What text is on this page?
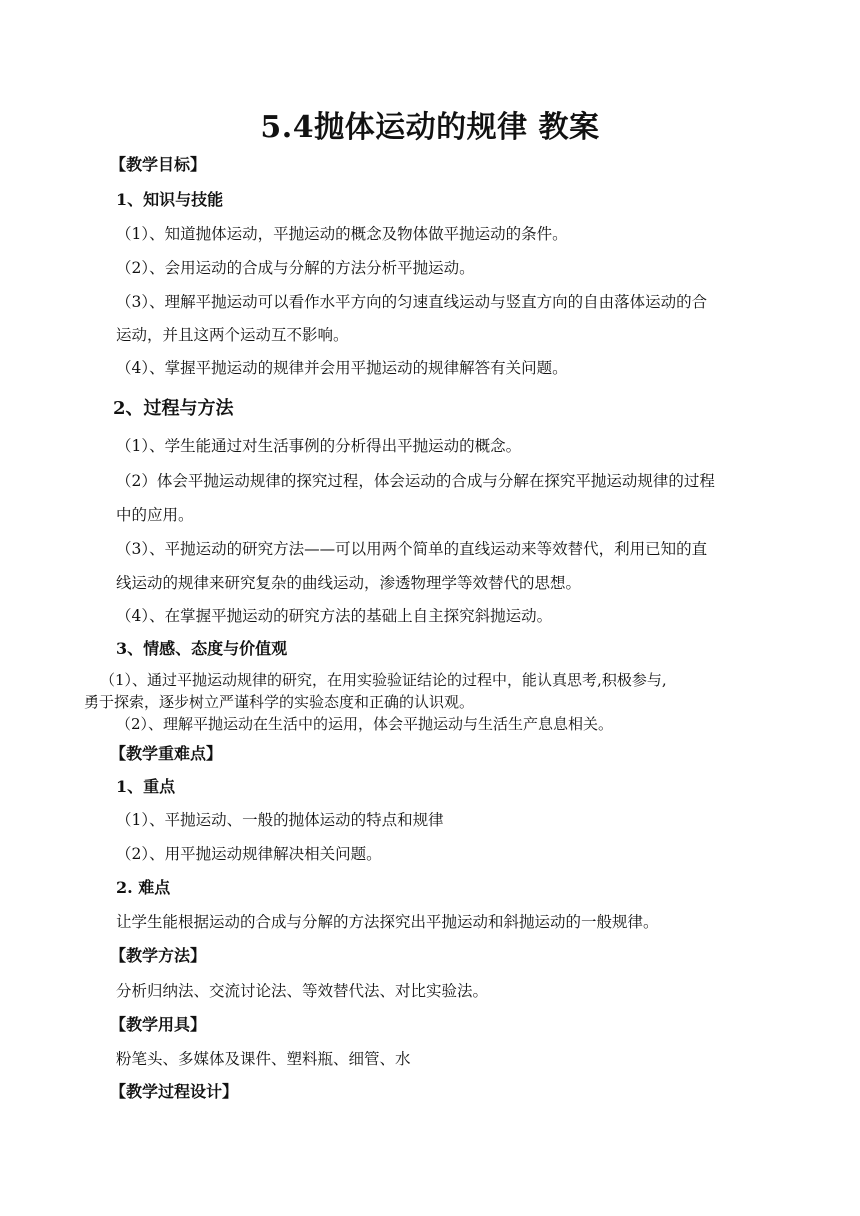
5.4抛体运动的规律 教案

【教学目标】

1、知识与技能

（1）、知道抛体运动，平抛运动的概念及物体做平抛运动的条件。

（2）、会用运动的合成与分解的方法分析平抛运动。

（3）、理解平抛运动可以看作水平方向的匀速直线运动与竖直方向的自由落体运动的合

运动，并且这两个运动互不影响。

（4）、掌握平抛运动的规律并会用平抛运动的规律解答有关问题。

2、过程与方法

（1）、学生能通过对生活事例的分析得出平抛运动的概念。

（2）体会平抛运动规律的探究过程，体会运动的合成与分解在探究平抛运动规律的过程

中的应用。

（3）、平抛运动的研究方法——可以用两个简单的直线运动来等效替代，利用已知的直

线运动的规律来研究复杂的曲线运动，渗透物理学等效替代的思想。

（4）、在掌握平抛运动的研究方法的基础上自主探究斜抛运动。

3、情感、态度与价值观

（1）、通过平抛运动规律的研究，在用实验验证结论的过程中，能认真思考,积极参与,

勇于探索，逐步树立严谨科学的实验态度和正确的认识观。

（2）、理解平抛运动在生活中的运用，体会平抛运动与生活生产息息相关。

【教学重难点】

1、重点

（1）、平抛运动、一般的抛体运动的特点和规律

（2）、用平抛运动规律解决相关问题。

2. 难点

让学生能根据运动的合成与分解的方法探究出平抛运动和斜抛运动的一般规律。

【教学方法】

分析归纳法、交流讨论法、等效替代法、对比实验法。

【教学用具】

粉笔头、多媒体及课件、塑料瓶、细管、水

【教学过程设计】
